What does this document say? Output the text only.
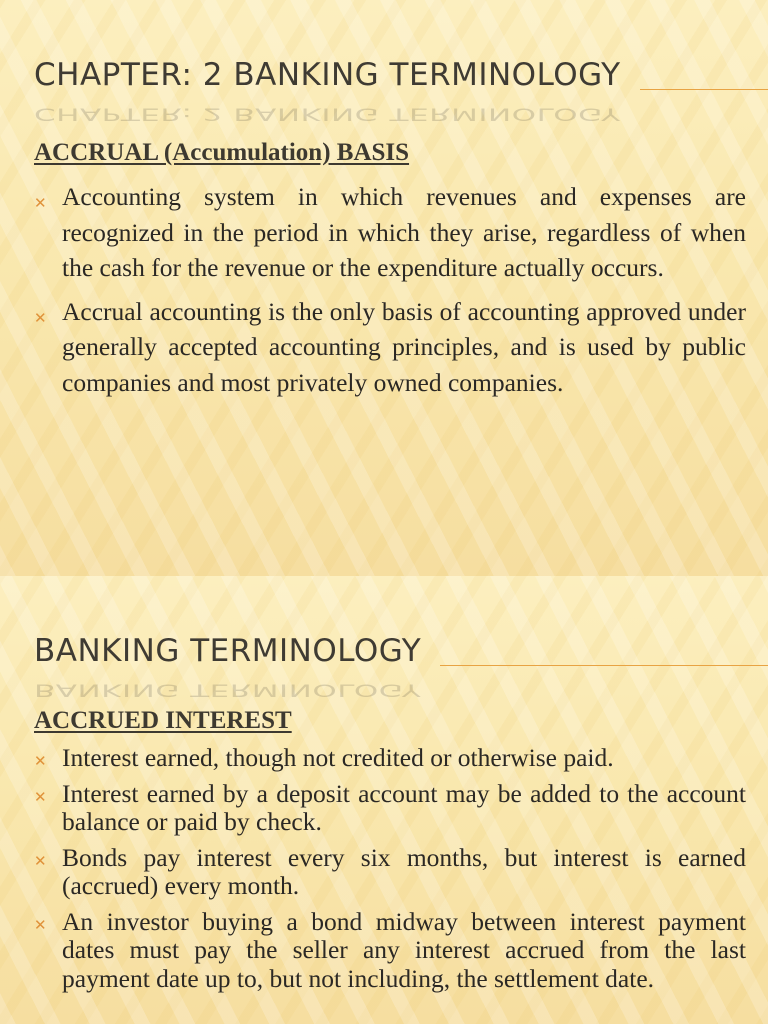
CHAPTER: 2 BANKING TERMINOLOGY
CHAPTER: 2 BANKING TERMINOLOGY
ACCRUAL (Accumulation) BASIS
✕ Accounting system in which revenues and expenses are recognized in the period in which they arise, regardless of when the cash for the revenue or the expenditure actually occurs.
✕ Accrual accounting is the only basis of accounting approved under generally accepted accounting principles, and is used by public companies and most privately owned companies.
BANKING TERMINOLOGY
BANKING TERMINOLOGY
ACCRUED INTEREST
✕ Interest earned, though not credited or otherwise paid.
✕ Interest earned by a deposit account may be added to the account balance or paid by check.
✕ Bonds pay interest every six months, but interest is earned (accrued) every month.
✕ An investor buying a bond midway between interest payment dates must pay the seller any interest accrued from the last payment date up to, but not including, the settlement date.
